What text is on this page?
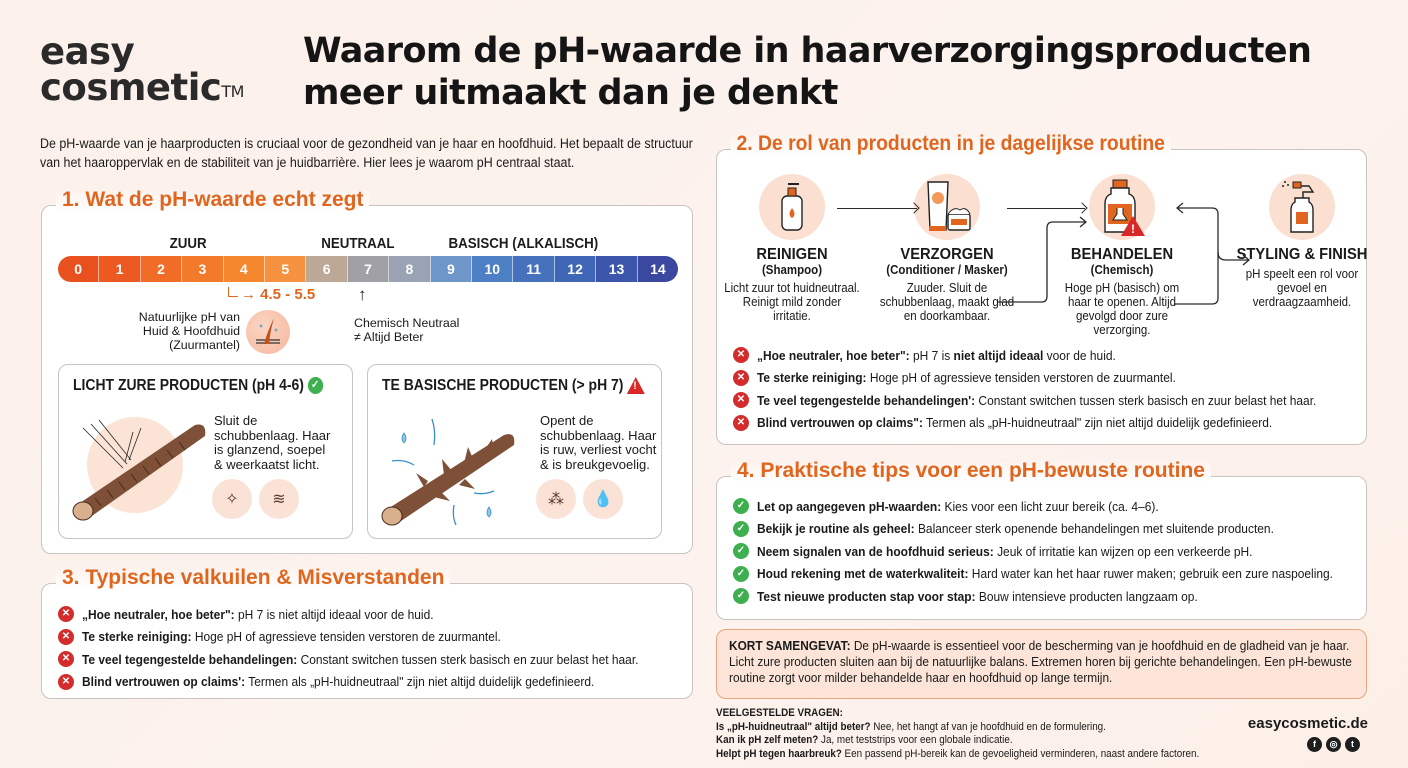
easy
cosmetic™
Waarom de pH-waarde in haarverzorgingsproducten
meer uitmaakt dan je denkt
De pH-waarde van je haarproducten is cruciaal voor de gezondheid van je haar en hoofdhuid. Het bepaalt de structuur van het haaroppervlak en de stabiliteit van je huidbarrière. Hier lees je waarom pH centraal staat.
1. Wat de pH-waarde echt zegt
ZUUR	NEUTRAAL	BASISCH (ALKALISCH)
0	1	2	3	4	5	6	7	8	9	10	11	12	13	14
→ 4.5 - 5.5
Natuurlijke pH van
Huid & Hoofdhuid
(Zuurmantel)
↑
Chemisch Neutraal
≠ Altijd Beter
LICHT ZURE PRODUCTEN (pH 4-6) ✓
Sluit de schubbenlaag. Haar is glanzend, soepel & weerkaatst licht.
✧	≋
TE BASISCHE PRODUCTEN (> pH 7)!
Opent de schubbenlaag. Haar is ruw, verliest vocht & is breukgevoelig.
⁂	💧
3. Typische valkuilen & Misverstanden
✕ „Hoe neutraler, hoe beter": pH 7 is niet altijd ideaal voor de huid.
✕ Te sterke reiniging: Hoge pH of agressieve tensiden verstoren de zuurmantel.
✕ Te veel tegengestelde behandelingen: Constant switchen tussen sterk basisch en zuur belast het haar.
✕ Blind vertrouwen op claims': Termen als „pH-huidneutraal" zijn niet altijd duidelijk gedefinieerd.
2. De rol van producten in je dagelijkse routine
REINIGEN
(Shampoo)
Licht zuur tot huidneutraal. Reinigt mild zonder irritatie.
VERZORGEN
(Conditioner / Masker)
Zuuder. Sluit de schubbenlaag, maakt glad en doorkambaar.
!
BEHANDELEN
(Chemisch)
Hoge pH (basisch) om haar te openen. Altijd gevolgd door zure verzorging.
STYLING & FINISH
pH speelt een rol voor gevoel en verdraagzaamheid.
✕ „Hoe neutraler, hoe beter": pH 7 is niet altijd ideaal voor de huid.
✕ Te sterke reiniging: Hoge pH of agressieve tensiden verstoren de zuurmantel.
✕ Te veel tegengestelde behandelingen': Constant switchen tussen sterk basisch en zuur belast het haar.
✕ Blind vertrouwen op claims": Termen als „pH-huidneutraal" zijn niet altijd duidelijk gedefinieerd.
4. Praktische tips voor een pH-bewuste routine
✓ Let op aangegeven pH-waarden: Kies voor een licht zuur bereik (ca. 4–6).
✓ Bekijk je routine als geheel: Balanceer sterk openende behandelingen met sluitende producten.
✓ Neem signalen van de hoofdhuid serieus: Jeuk of irritatie kan wijzen op een verkeerde pH.
✓ Houd rekening met de waterkwaliteit: Hard water kan het haar ruwer maken; gebruik een zure naspoeling.
✓ Test nieuwe producten stap voor stap: Bouw intensieve producten langzaam op.
KORT SAMENGEVAT: De pH-waarde is essentieel voor de bescherming van je hoofdhuid en de gladheid van je haar. Licht zure producten sluiten aan bij de natuurlijke balans. Extremen horen bij gerichte behandelingen. Een pH-bewuste routine zorgt voor milder behandelde haar en hoofdhuid op lange termijn.
VEELGESTELDE VRAGEN:
Is „pH-huidneutraal" altijd beter? Nee, het hangt af van je hoofdhuid en de formulering.
Kan ik pH zelf meten? Ja, met teststrips voor een globale indicatie.
Helpt pH tegen haarbreuk? Een passend pH-bereik kan de gevoeligheid verminderen, naast andere factoren.
easycosmetic.de
f	◎	t
